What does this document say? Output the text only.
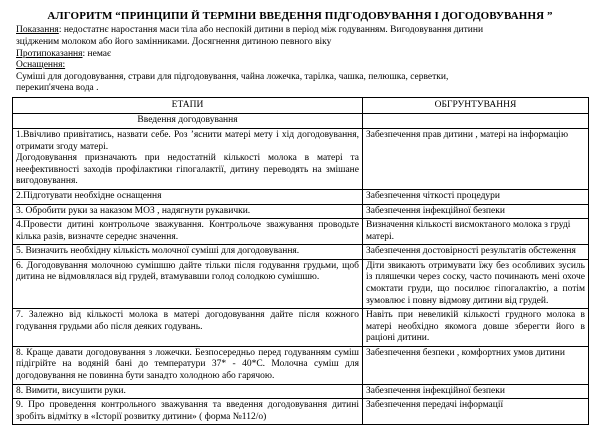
АЛГОРИТМ “ПРИНЦИПИ Й ТЕРМІНИ ВВЕДЕННЯ ПІДГОДОВУВАННЯ І ДОГОДОВУВАННЯ ”

Показання: недостатнє наростання маси тіла або неспокій дитини в період між годуванням. Вигодовування дитини

зцідженим молоком або його замінниками. Досягнення дитиною певного віку

Протипоказання: немає

Оснащення:

Суміші для догодовування, страви для підгодовування, чайна ложечка, тарілка, чашка, пелюшка, серветки,

перекип'ячена вода .

ЕТАПИ	ОБГРУНТУВАННЯ
Введення догодовування	

1.Ввічливо привітатись, назвати себе. Роз ’яснити матері мету і хід догодовування, отримати згоду матері.
Догодовування призначають при недостатній кількості молока в матері та неефективності заходів профілактики гіпогалактії, дитину переводять на змішане вигодовування.	Забезпечення прав дитини , матері на інформацію
2.Підготувати необхідне оснащення	Забезпечення чіткості процедури
3. Обробити руки за наказом МОЗ , надягнути рукавички.	Забезпечення інфекційної безпеки
4.Провести дитині контрольоче зважування. Контрольоче зважування проводьте кілька разів, визначте середнє значення.	Визначення кількості висмоктаного молока з груді матері.
5. Визначить необхідну кількість молочної суміші для догодовування.	Забезпечення достовірності результатів обстеження
6. Догодовування молочною сумішшю дайте тільки після годування грудьми, щоб дитина не відмовлялася від грудей, втамувавши голод солодкою сумішшю.	Діти звикають отримувати їжу без особливих зусиль із пляшечки через соску, часто починають мені охоче смоктати груди, що посилює гіпогалактію, а потім зумовлює і повну відмову дитини від грудей.
7. Залежно від кількості молока в матері догодовування дайте після кожного годування грудьми або після деяких годувань.	Навіть при невеликій кількості грудного молока в матері необхідно якомога довше зберегти його в раціоні дитини.
8. Краще давати догодовування з ложечки. Безпосередньо перед годуванням суміш підігрійте на водяній бані до температури 37* - 40*С. Молочна суміш для догодовування не повинна бути занадто холодною або гарячою.	Забезпечення безпеки , комфортних умов дитини
8. Вимити, висушити руки.	Забезпечення інфекційної безпеки
9. Про проведення контрольного зважування та введення догодовування дитині зробіть відмітку в «Історії розвитку дитини» ( форма №112/о)	Забезпечення передачі інформації
